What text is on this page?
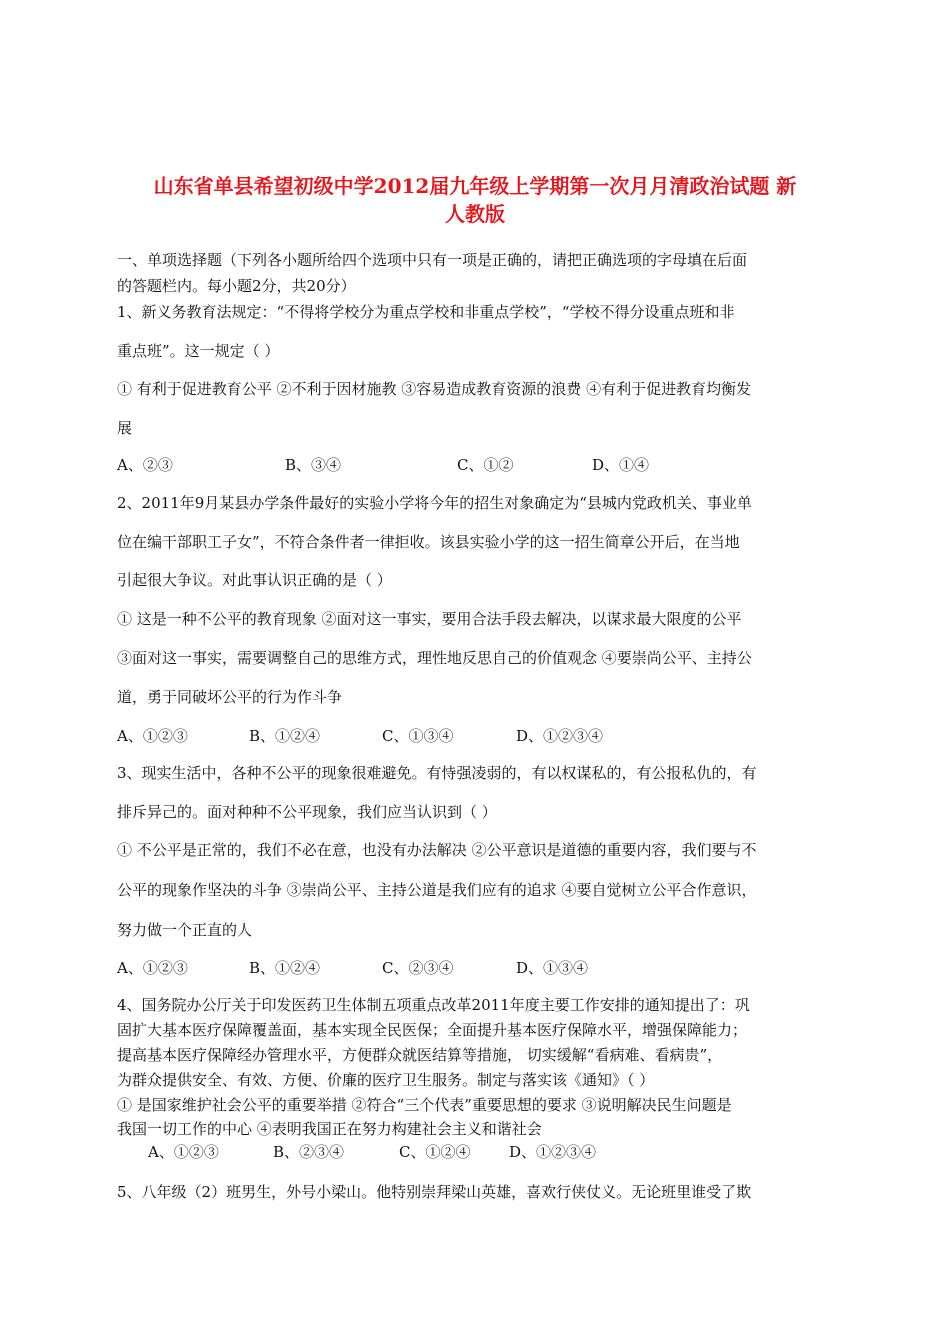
山东省单县希望初级中学2012届九年级上学期第一次月月清政治试题 新
人教版
一、单项选择题（下列各小题所给四个选项中只有一项是正确的，请把正确选项的字母填在后面
的答题栏内。每小题2分，共20分）
1、新义务教育法规定：“不得将学校分为重点学校和非重点学校”，“学校不得分设重点班和非
重点班”。这一规定（ ）
① 有利于促进教育公平 ②不利于因材施教 ③容易造成教育资源的浪费 ④有利于促进教育均衡发
展
A、②③	B、③④	C、①②	D、①④
2、2011年9月某县办学条件最好的实验小学将今年的招生对象确定为“县城内党政机关、事业单
位在编干部职工子女”，不符合条件者一律拒收。该县实验小学的这一招生简章公开后，在当地
引起很大争议。对此事认识正确的是（ ）
① 这是一种不公平的教育现象 ②面对这一事实，要用合法手段去解决，以谋求最大限度的公平
③面对这一事实，需要调整自己的思维方式，理性地反思自己的价值观念 ④要崇尚公平、主持公
道，勇于同破坏公平的行为作斗争
A、①②③	B、①②④	C、①③④	D、①②③④
3、现实生活中，各种不公平的现象很难避免。有恃强凌弱的，有以权谋私的，有公报私仇的，有
排斥异己的。面对种种不公平现象，我们应当认识到（ ）
① 不公平是正常的，我们不必在意，也没有办法解决 ②公平意识是道德的重要内容，我们要与不
公平的现象作坚决的斗争 ③崇尚公平、主持公道是我们应有的追求 ④要自觉树立公平合作意识，
努力做一个正直的人
A、①②③	B、①②④	C、②③④	D、①③④
4、国务院办公厅关于印发医药卫生体制五项重点改革2011年度主要工作安排的通知提出了：巩
固扩大基本医疗保障覆盖面，基本实现全民医保；全面提升基本医疗保障水平，增强保障能力；
提高基本医疗保障经办管理水平，方便群众就医结算等措施， 切实缓解“看病难、看病贵”，
为群众提供安全、有效、方便、价廉的医疗卫生服务。制定与落实该《通知》（ ）
① 是国家维护社会公平的重要举措 ②符合“三个代表”重要思想的要求 ③说明解决民生问题是
我国一切工作的中心 ④表明我国正在努力构建社会主义和谐社会
A、①②③	B、②③④	C、①②④	D、①②③④
5、八年级（2）班男生，外号小梁山。他特别崇拜梁山英雄，喜欢行侠仗义。无论班里谁受了欺
